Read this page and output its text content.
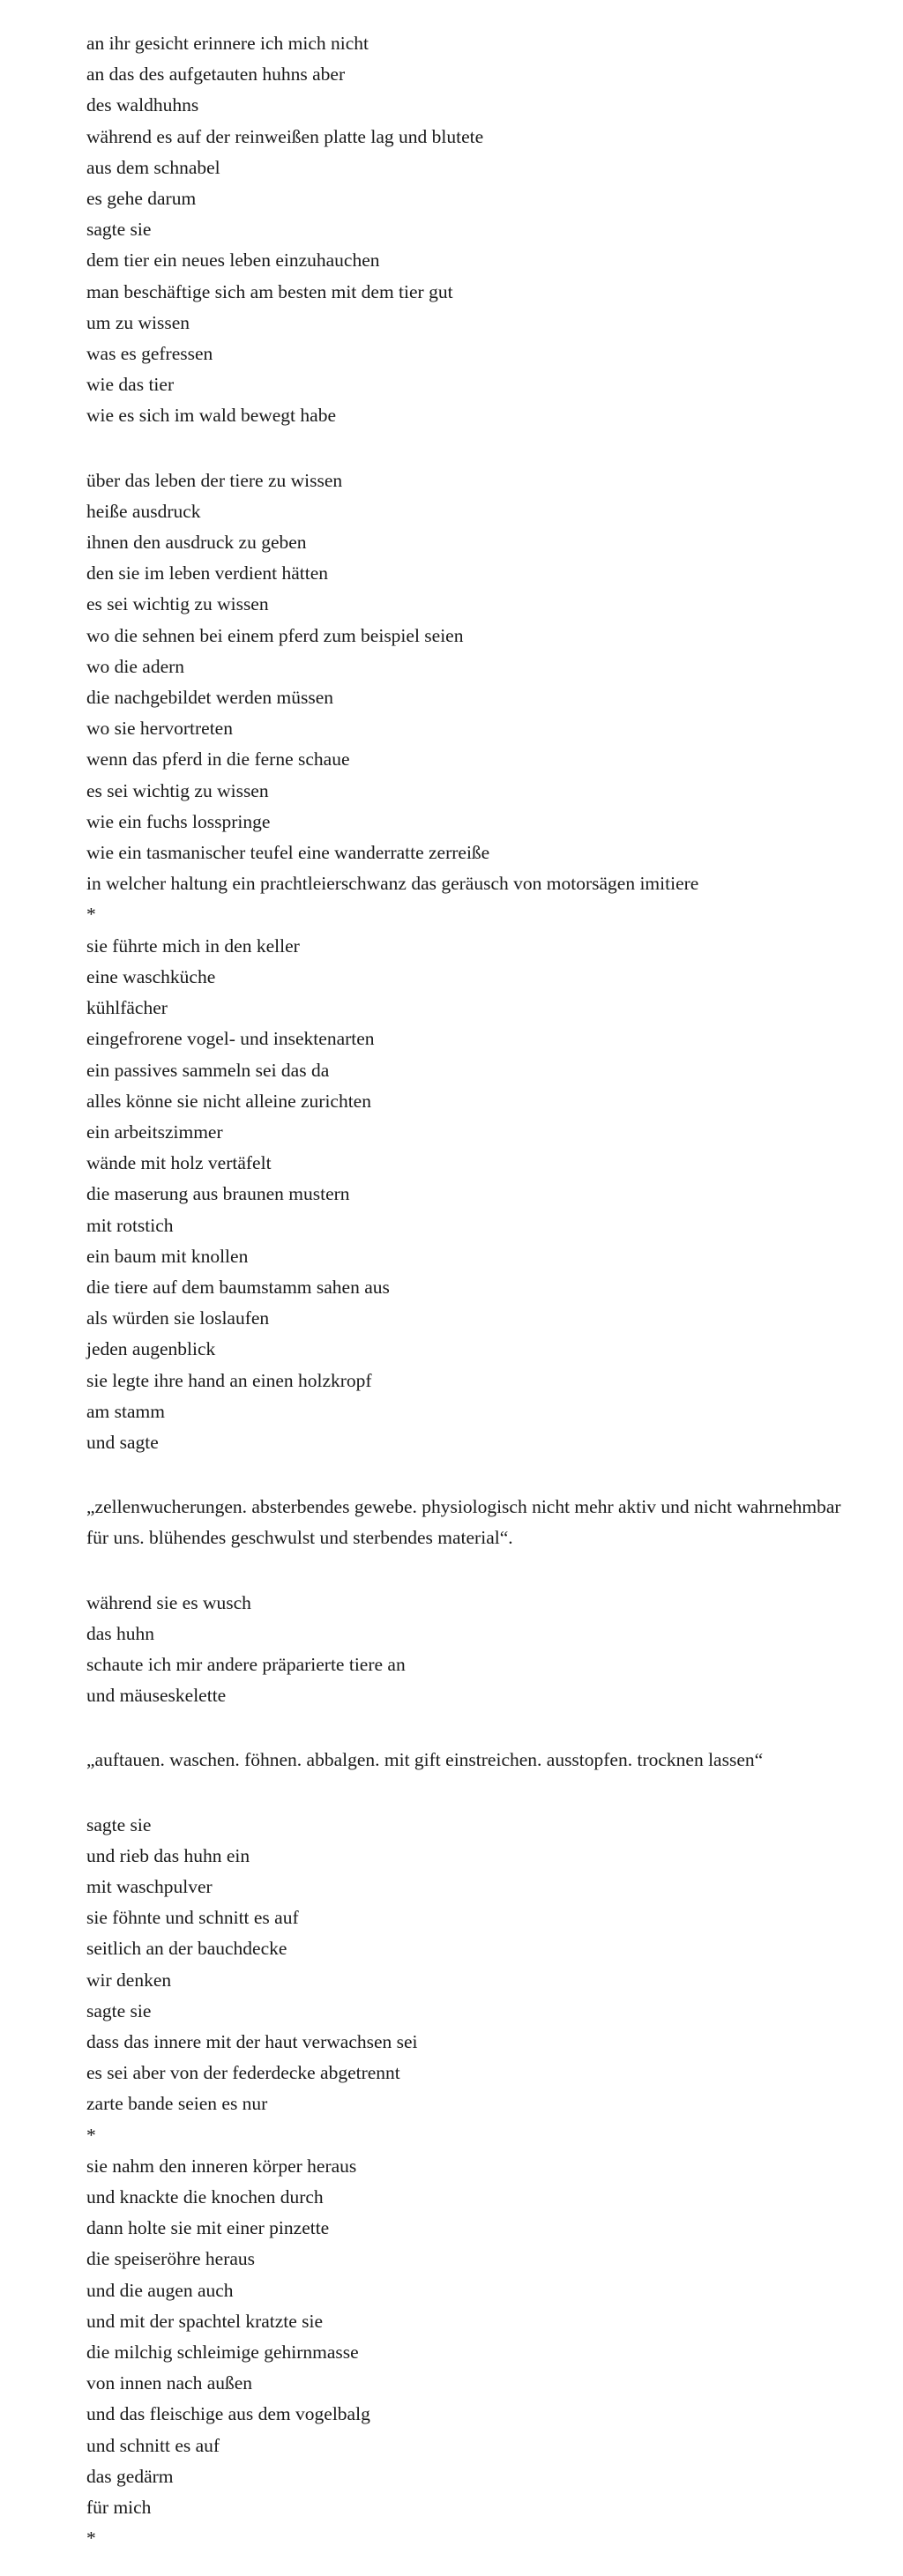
an ihr gesicht erinnere ich mich nicht
an das des aufgetauten huhns aber
des waldhuhns
während es auf der reinweißen platte lag und blutete
aus dem schnabel
es gehe darum
sagte sie
dem tier ein neues leben einzuhauchen
man beschäftige sich am besten mit dem tier gut
um zu wissen
was es gefressen
wie das tier
wie es sich im wald bewegt habe
über das leben der tiere zu wissen
heiße ausdruck
ihnen den ausdruck zu geben
den sie im leben verdient hätten
es sei wichtig zu wissen
wo die sehnen bei einem pferd zum beispiel seien
wo die adern
die nachgebildet werden müssen
wo sie hervortreten
wenn das pferd in die ferne schaue
es sei wichtig zu wissen
wie ein fuchs losspringe
wie ein tasmanischer teufel eine wanderratte zerreiße
in welcher haltung ein prachtleierschwanz das geräusch von motorsägen imitiere
*
sie führte mich in den keller
eine waschküche
kühlfächer
eingefrorene vogel- und insektenarten
ein passives sammeln sei das da
alles könne sie nicht alleine zurichten
ein arbeitszimmer
wände mit holz vertäfelt
die maserung aus braunen mustern
mit rotstich
ein baum mit knollen
die tiere auf dem baumstamm sahen aus
als würden sie loslaufen
jeden augenblick
sie legte ihre hand an einen holzkropf
am stamm
und sagte
„zellenwucherungen. absterbendes gewebe. physiologisch nicht mehr aktiv und nicht wahrnehmbar für uns. blühendes geschwulst und sterbendes material“.
während sie es wusch
das huhn
schaute ich mir andere präparierte tiere an
und mäuseskelette
„auftauen. waschen. föhnen. abbalgen. mit gift einstreichen. ausstopfen. trocknen lassen“
sagte sie
und rieb das huhn ein
mit waschpulver
sie föhnte und schnitt es auf
seitlich an der bauchdecke
wir denken
sagte sie
dass das innere mit der haut verwachsen sei
es sei aber von der federdecke abgetrennt
zarte bande seien es nur
*
sie nahm den inneren körper heraus
und knackte die knochen durch
dann holte sie mit einer pinzette
die speiseröhre heraus
und die augen auch
und mit der spachtel kratzte sie
die milchig schleimige gehirnmasse
von innen nach außen
und das fleischige aus dem vogelbalg
und schnitt es auf
das gedärm
für mich
*
